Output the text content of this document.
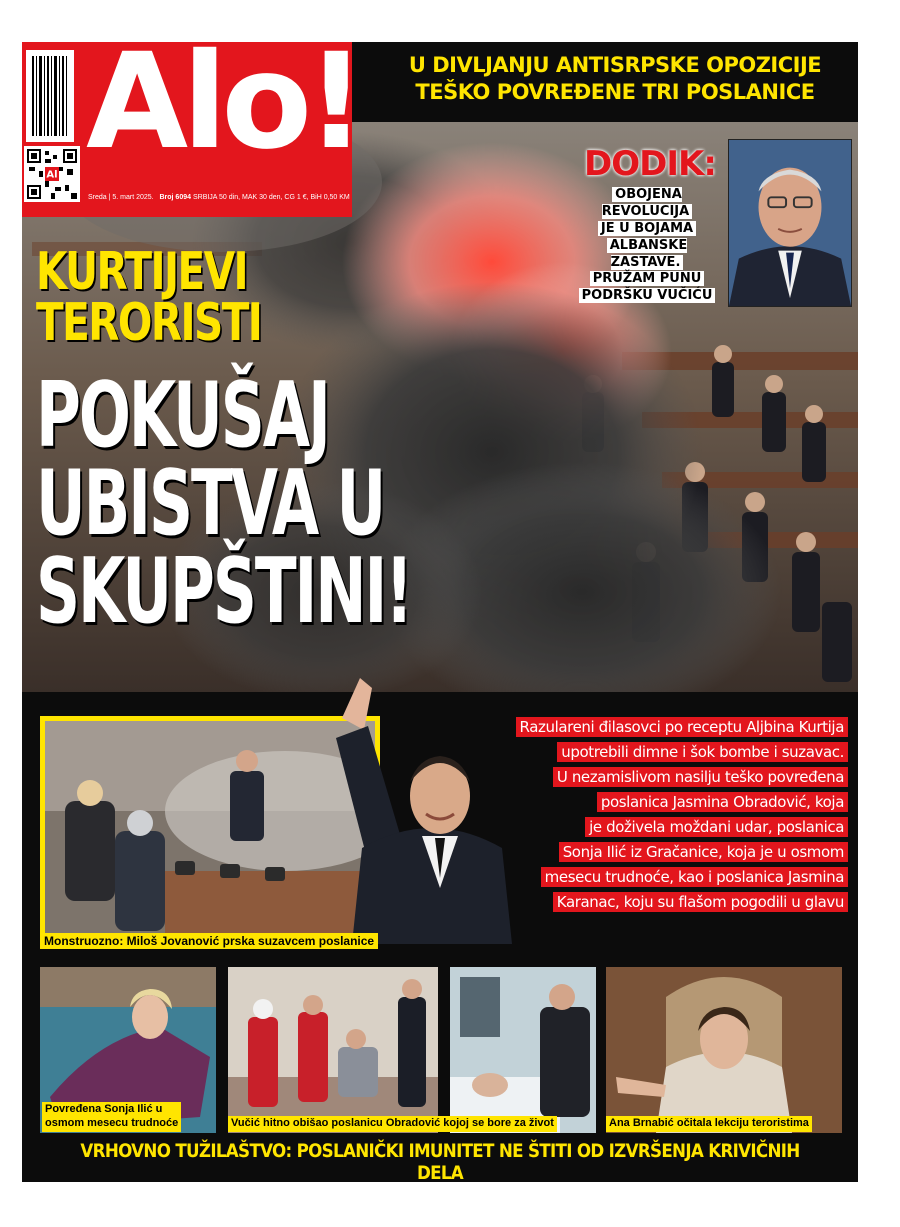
Al Alo!
Sreda | 5. mart 2025. Broj 6094 SRBIJA 50 din, MAK 30 den, CG 1 €, BiH 0,50 KM
U DIVLJANJU ANTISRPSKE OPOZICIJE
TEŠKO POVREĐENE TRI POSLANICE
DODIK:
OBOJENA REVOLUCIJA
JE U BOJAMA
ALBANSKE ZASTAVE.
PRUŽAM PUNU
PODRŠKU VUČIĆU
KURTIJEVI
TERORISTI
POKUŠAJ
UBISTVA U
SKUPŠTINI!
Monstruozno: Miloš Jovanović prska suzavcem poslanice
Razulareni đilasovci po receptu Aljbina Kurtija
upotrebili dimne i šok bombe i suzavac.
U nezamislivom nasilju teško povređena
poslanica Jasmina Obradović, koja
je doživela moždani udar, poslanica
Sonja Ilić iz Gračanice, koja je u osmom
mesecu trudnoće, kao i poslanica Jasmina
Karanac, koju su flašom pogodili u glavu
Povređena Sonja Ilić u
osmom mesecu trudnoće	Vučić hitno obišao poslanicu Obradović kojoj se bore za život	Ana Brnabić očitala lekciju teroristima
VRHOVNO TUŽILAŠTVO: POSLANIČKI IMUNITET NE ŠTITI OD IZVRŠENJA KRIVIČNIH DELA
